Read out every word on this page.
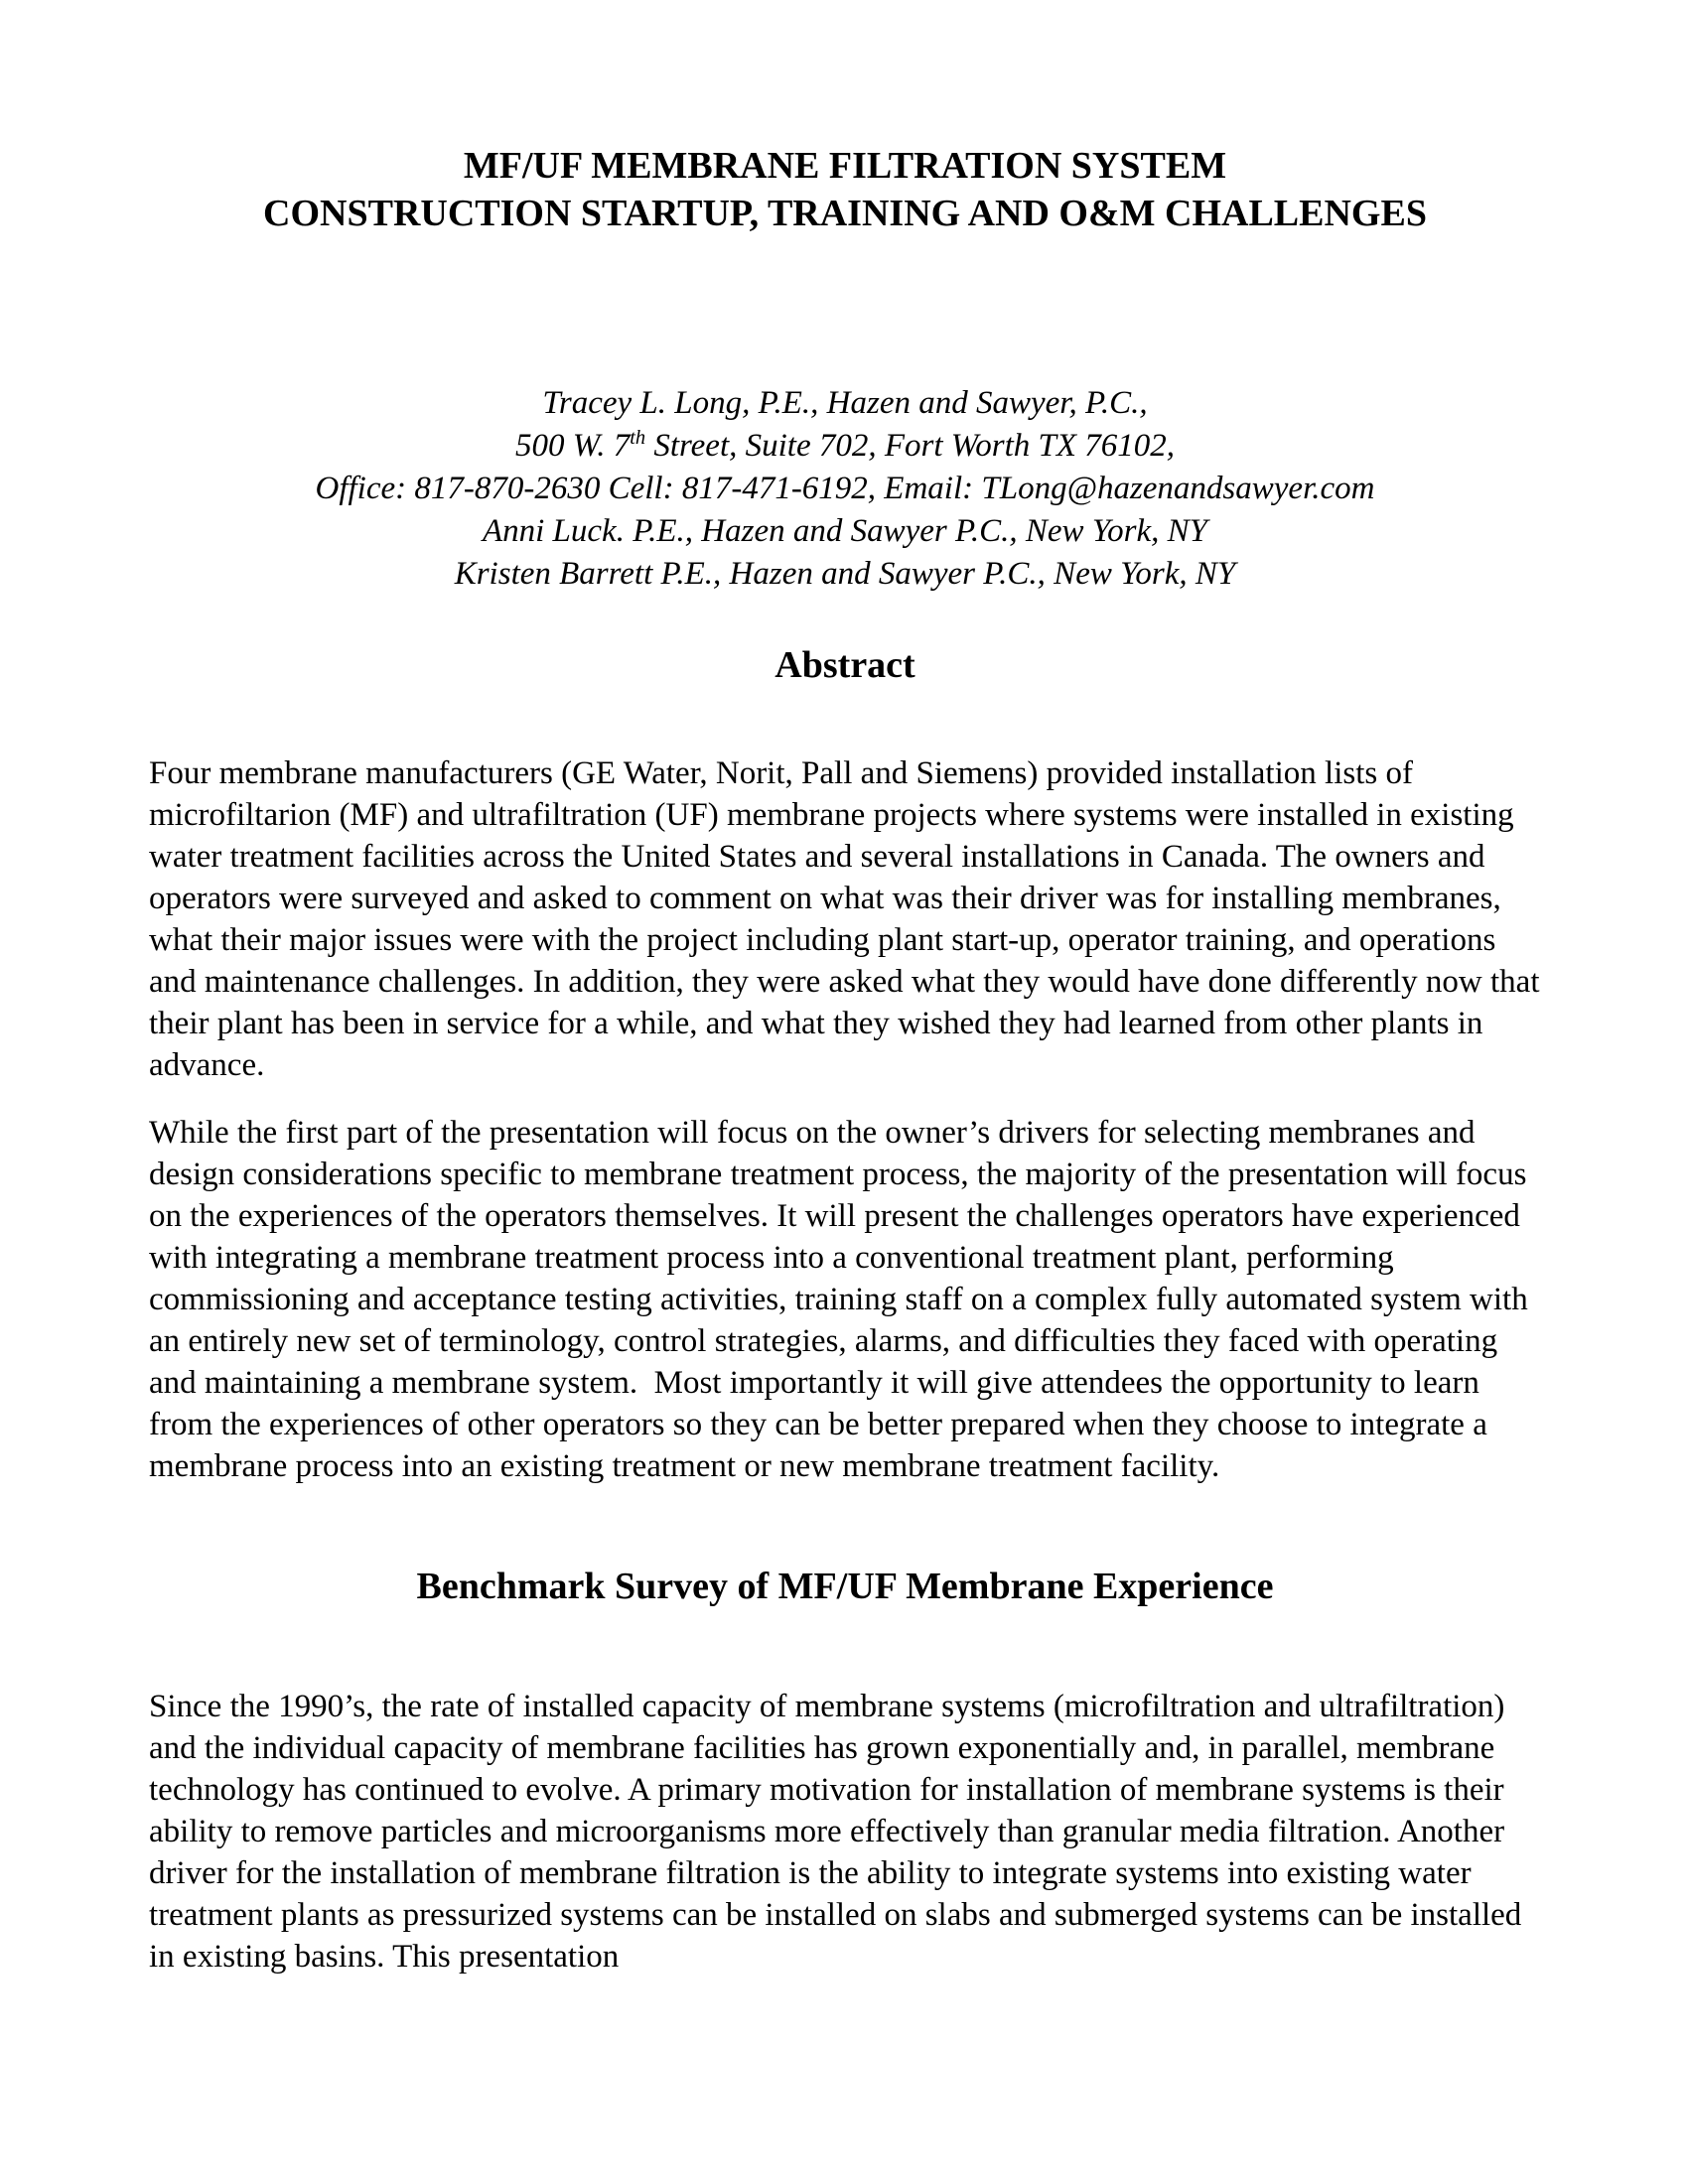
MF/UF MEMBRANE FILTRATION SYSTEM
CONSTRUCTION STARTUP, TRAINING AND O&M CHALLENGES
Tracey L. Long, P.E., Hazen and Sawyer, P.C.,
500 W. 7th Street, Suite 702, Fort Worth TX 76102,
Office: 817-870-2630 Cell: 817-471-6192, Email: TLong@hazenandsawyer.com
Anni Luck. P.E., Hazen and Sawyer P.C., New York, NY
Kristen Barrett P.E., Hazen and Sawyer P.C., New York, NY
Abstract

Four membrane manufacturers (GE Water, Norit, Pall and Siemens) provided installation lists of microfiltarion (MF) and ultrafiltration (UF) membrane projects where systems were installed in existing water treatment facilities across the United States and several installations in Canada. The owners and operators were surveyed and asked to comment on what was their driver was for installing membranes, what their major issues were with the project including plant start-up, operator training, and operations and maintenance challenges. In addition, they were asked what they would have done differently now that their plant has been in service for a while, and what they wished they had learned from other plants in advance.

While the first part of the presentation will focus on the owner’s drivers for selecting membranes and design considerations specific to membrane treatment process, the majority of the presentation will focus on the experiences of the operators themselves. It will present the challenges operators have experienced with integrating a membrane treatment process into a conventional treatment plant, performing commissioning and acceptance testing activities, training staff on a complex fully automated system with an entirely new set of terminology, control strategies, alarms, and difficulties they faced with operating and maintaining a membrane system.  Most importantly it will give attendees the opportunity to learn from the experiences of other operators so they can be better prepared when they choose to integrate a membrane process into an existing treatment or new membrane treatment facility.

Benchmark Survey of MF/UF Membrane Experience

Since the 1990’s, the rate of installed capacity of membrane systems (microfiltration and ultrafiltration) and the individual capacity of membrane facilities has grown exponentially and, in parallel, membrane technology has continued to evolve. A primary motivation for installation of membrane systems is their ability to remove particles and microorganisms more effectively than granular media filtration. Another driver for the installation of membrane filtration is the ability to integrate systems into existing water treatment plants as pressurized systems can be installed on slabs and submerged systems can be installed in existing basins. This presentation
